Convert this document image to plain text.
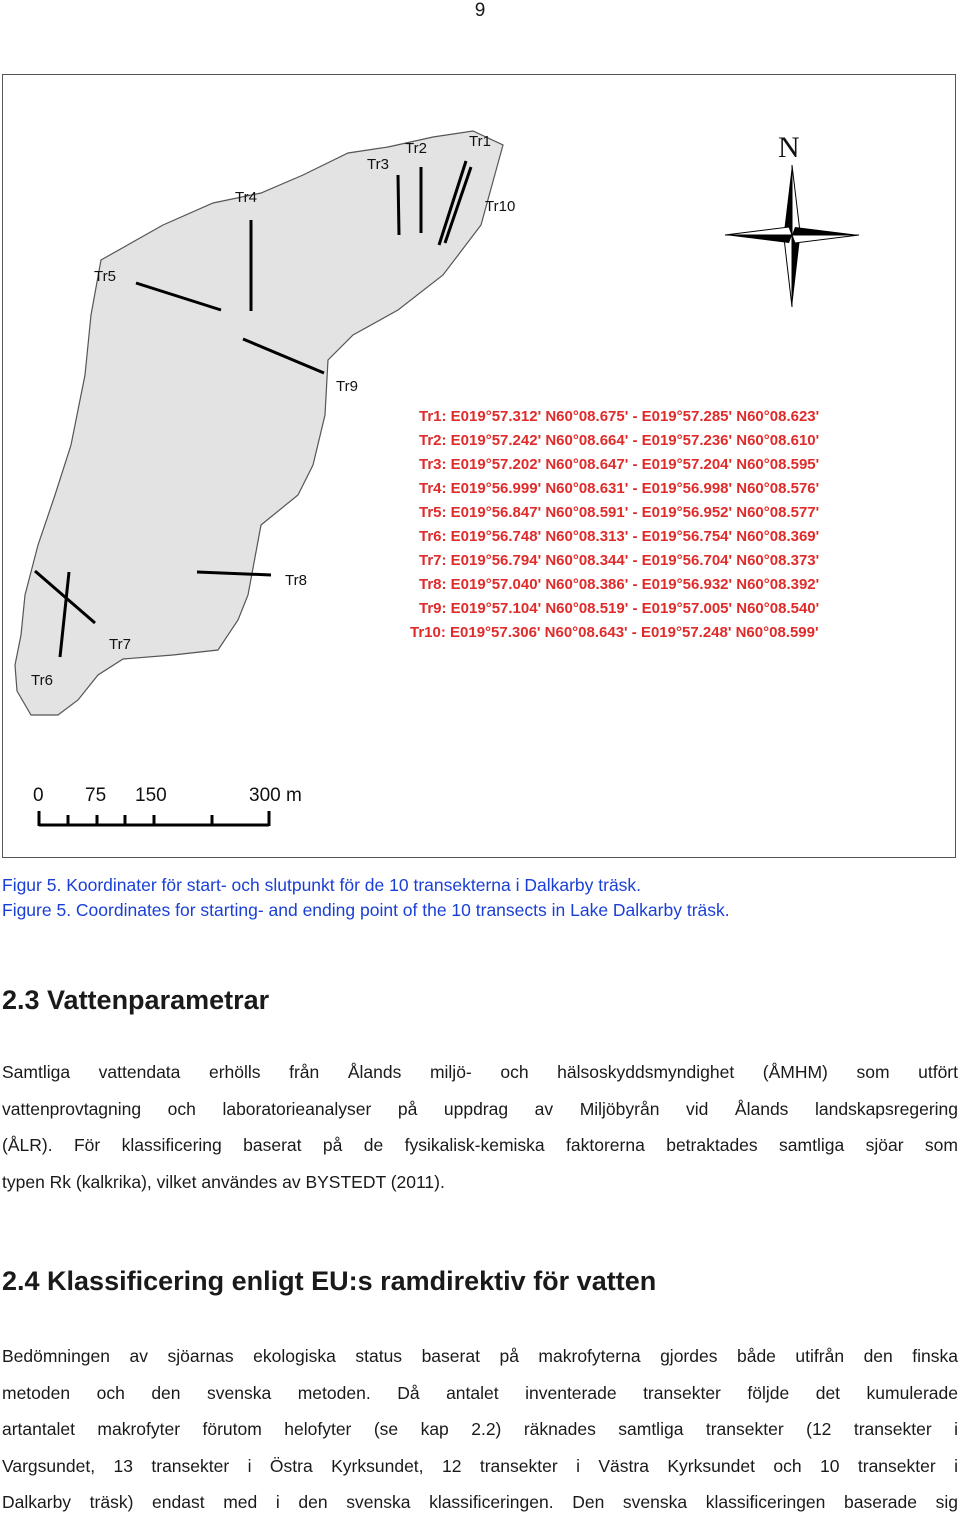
9
Tr1
Tr2
Tr3
Tr4
Tr5
Tr6
Tr7
Tr8
Tr9
Tr10
N
Tr1: E019°57.312' N60°08.675' - E019°57.285' N60°08.623'
Tr2: E019°57.242' N60°08.664' - E019°57.236' N60°08.610'
Tr3: E019°57.202' N60°08.647' - E019°57.204' N60°08.595'
Tr4: E019°56.999' N60°08.631' - E019°56.998' N60°08.576'
Tr5: E019°56.847' N60°08.591' - E019°56.952' N60°08.577'
Tr6: E019°56.748' N60°08.313' - E019°56.754' N60°08.369'
Tr7: E019°56.794' N60°08.344' - E019°56.704' N60°08.373'
Tr8: E019°57.040' N60°08.386' - E019°56.932' N60°08.392'
Tr9: E019°57.104' N60°08.519' - E019°57.005' N60°08.540'
Tr10: E019°57.306' N60°08.643' - E019°57.248' N60°08.599'
0 75 150	300 m
Figur 5. Koordinater för start- och slutpunkt för de 10 transekterna i Dalkarby träsk.
Figure 5. Coordinates for starting- and ending point of the 10 transects in Lake Dalkarby träsk.
2.3 Vattenparametrar
Samtliga vattendata erhölls från Ålands miljö- och hälsoskyddsmyndighet (ÅMHM) som utfört
vattenprovtagning och laboratorieanalyser på uppdrag av Miljöbyrån vid Ålands landskapsregering
(ÅLR). För klassificering baserat på de fysikalisk-kemiska faktorerna betraktades samtliga sjöar som
typen Rk (kalkrika), vilket användes av BYSTEDT (2011).
2.4 Klassificering enligt EU:s ramdirektiv för vatten
Bedömningen av sjöarnas ekologiska status baserat på makrofyterna gjordes både utifrån den finska
metoden och den svenska metoden. Då antalet inventerade transekter följde det kumulerade
artantalet makrofyter förutom helofyter (se kap 2.2) räknades samtliga transekter (12 transekter i
Vargsundet, 13 transekter i Östra Kyrksundet, 12 transekter i Västra Kyrksundet och 10 transekter i
Dalkarby träsk) endast med i den svenska klassificeringen. Den svenska klassificeringen baserade sig
